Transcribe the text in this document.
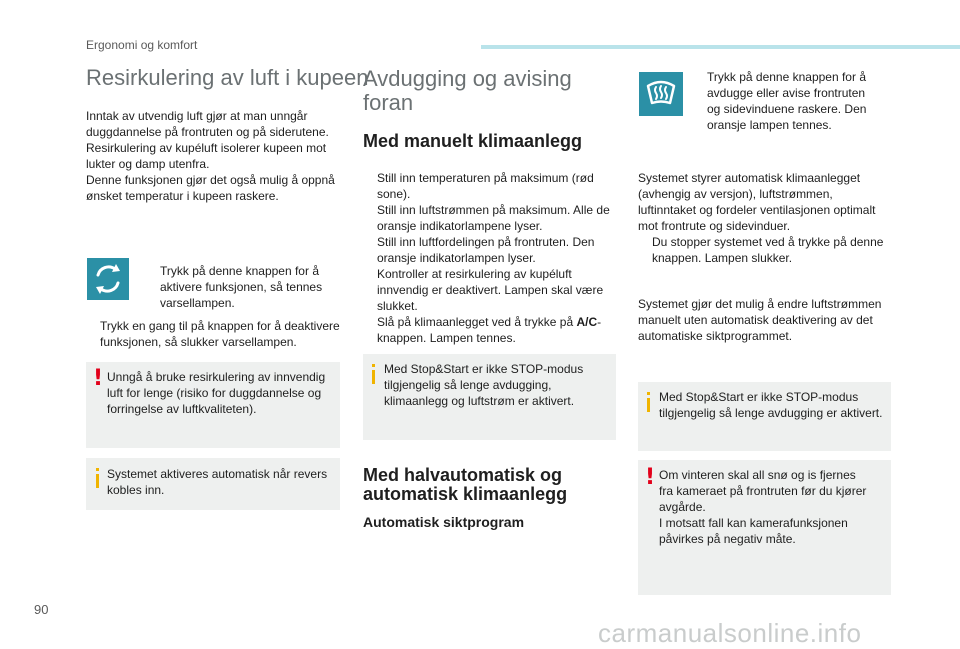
Ergonomi og komfort
Resirkulering av luft i kupeen

Inntak av utvendig luft gjør at man unngår

duggdannelse på frontruten og på siderutene.

Resirkulering av kupéluft isolerer kupeen mot

lukter og damp utenfra.

Denne funksjonen gjør det også mulig å oppnå

ønsket temperatur i kupeen raskere.

Trykk på denne knappen for å

aktivere funksjonen, så tennes

varsellampen.

Trykk en gang til på knappen for å deaktivere

funksjonen, så slukker varsellampen.

! Unngå å bruke resirkulering av innvendig

luft for lenge (risiko for duggdannelse og

forringelse av luftkvaliteten).

Systemet aktiveres automatisk når revers

kobles inn.

Avdugging og avising
foran
Med manuelt klimaanlegg

Still inn temperaturen på maksimum (rød

sone).

Still inn luftstrømmen på maksimum. Alle de

oransje indikatorlampene lyser.

Still inn luftfordelingen på frontruten. Den

oransje indikatorlampen lyser.

Kontroller at resirkulering av kupéluft

innvendig er deaktivert. Lampen skal være

slukket.

Slå på klimaanlegget ved å trykke på A/C-

knappen. Lampen tennes.

Med Stop&Start er ikke STOP-modus

tilgjengelig så lenge avdugging,

klimaanlegg og luftstrøm er aktivert.

Med halvautomatisk og
automatisk klimaanlegg
Automatisk siktprogram

Trykk på denne knappen for å

avdugge eller avise frontruten

og sidevinduene raskere. Den

oransje lampen tennes.

Systemet styrer automatisk klimaanlegget

(avhengig av versjon), luftstrømmen,

luftinntaket og fordeler ventilasjonen optimalt

mot frontrute og sidevinduer.

Du stopper systemet ved å trykke på denne

knappen. Lampen slukker.

Systemet gjør det mulig å endre luftstrømmen

manuelt uten automatisk deaktivering av det

automatiske siktprogrammet.

Med Stop&Start er ikke STOP-modus

tilgjengelig så lenge avdugging er aktivert.

! Om vinteren skal all snø og is fjernes

fra kameraet på frontruten før du kjører

avgårde.

I motsatt fall kan kamerafunksjonen

påvirkes på negativ måte.

90
carmanualsonline.info
